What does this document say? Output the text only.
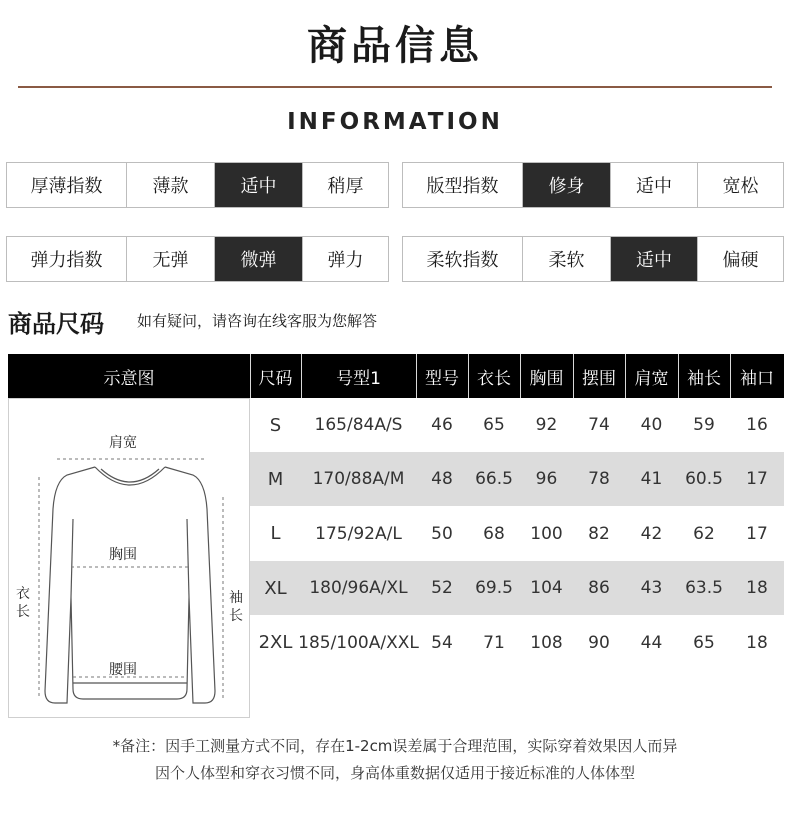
商品信息
INFORMATION
厚薄指数	薄款	适中	稍厚	版型指数	修身	适中	宽松
弹力指数	无弹	微弹	弹力	柔软指数	柔软	适中	偏硬
商品尺码 如有疑问，请咨询在线客服为您解答
示意图	尺码	号型1	型号	衣长	胸围	摆围	肩宽	袖长	袖口
肩宽
胸围
腰围
衣长
袖长
S	165/84A/S	46	65	92	74	40	59	16
M	170/88A/M	48	66.5	96	78	41	60.5	17
L	175/92A/L	50	68	100	82	42	62	17
XL	180/96A/XL	52	69.5	104	86	43	63.5	18
2XL 185/100A/XXL 54	71	108	90	44	65	18
*备注：因手工测量方式不同，存在1-2cm误差属于合理范围，实际穿着效果因人而异
因个人体型和穿衣习惯不同，身高体重数据仅适用于接近标准的人体体型
